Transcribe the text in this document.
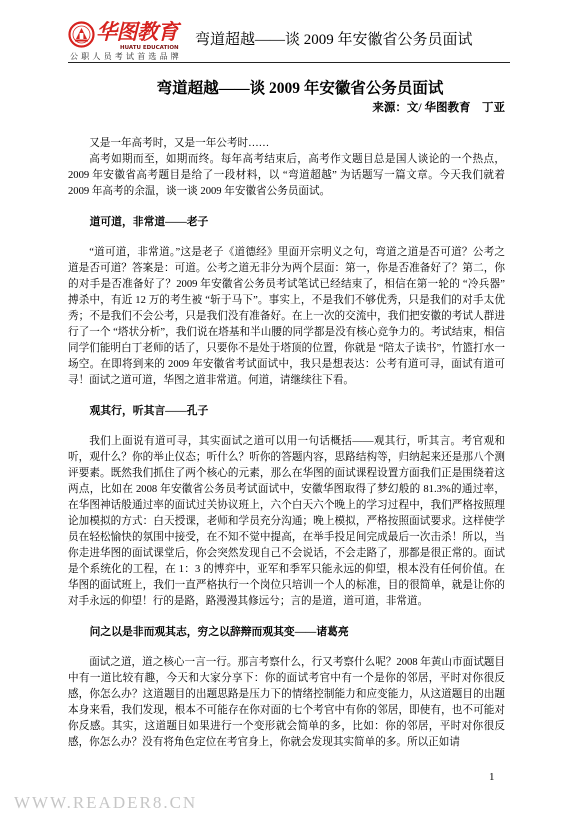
华图教育
HUATU EDUCATION
公职人员考试首选品牌
弯道超越——谈 2009 年安徽省公务员面试
弯道超越——谈 2009 年安徽省公务员面试
来源：文/ 华图教育　丁亚

又是一年高考时，又是一年公考时……

高考如期而至，如期而终。每年高考结束后，高考作文题目总是国人谈论的一个热点，2009 年安徽省高考题目是给了一段材料，以 “弯道超越” 为话题写一篇文章。今天我们就着 2009 年高考的余温，谈一谈 2009 年安徽省公务员面试。

道可道，非常道——老子

“道可道，非常道。”这是老子《道德经》里面开宗明义之句，弯道之道是否可道？公考之道是否可道？答案是：可道。公考之道无非分为两个层面：第一，你是否准备好了？第二，你的对手是否准备好了？2009 年安徽省公务员考试笔试已经结束了，相信在第一轮的 “冷兵器” 搏杀中，有近 12 万的考生被 “斩于马下”。事实上，不是我们不够优秀，只是我们的对手太优秀；不是我们不会公考，只是我们没有准备好。在上一次的交流中，我们把安徽的考试人群进行了一个 “塔状分析”，我们说在塔基和半山腰的同学都是没有核心竞争力的。考试结束，相信同学们能明白丁老师的话了，只要你不是处于塔顶的位置，你就是 “陪太子读书”，竹篮打水一场空。在即将到来的 2009 年安徽省考试面试中，我只是想表达：公考有道可寻，面试有道可寻！面试之道可道，华图之道非常道。何道，请继续往下看。

观其行，听其言——孔子

我们上面说有道可寻，其实面试之道可以用一句话概括——观其行，听其言。考官观和听，观什么？你的举止仪态；听什么？听你的答题内容，思路结构等，归纳起来还是那八个测评要素。既然我们抓住了两个核心的元素，那么在华图的面试课程设置方面我们正是围绕着这两点，比如在 2008 年安徽省公务员考试面试中，安徽华图取得了梦幻般的 81.3%的通过率，在华图神话般通过率的面试过关协议班上，六个白天六个晚上的学习过程中，我们严格按照理论加模拟的方式：白天授课，老师和学员充分沟通；晚上模拟，严格按照面试要求。这样使学员在轻松愉快的氛围中接受，在不知不觉中提高，在举手投足间完成最后一次击杀！所以，当你走进华图的面试课堂后，你会突然发现自己不会说话，不会走路了，那都是很正常的。面试是个系统化的工程，在 1：3 的博弈中，亚军和季军只能永远的仰望，根本没有任何价值。在华图的面试班上，我们一直严格执行一个岗位只培训一个人的标准，目的很简单，就是让你的对手永远的仰望！行的是路，路漫漫其修远兮；言的是道，道可道，非常道。

问之以是非而观其志，穷之以辞辩而观其变——诸葛亮

面试之道，道之核心一言一行。那言考察什么，行又考察什么呢？2008 年黄山市面试题目中有一道比较有趣，今天和大家分享下：你的面试考官中有一个是你的邻居，平时对你很反感，你怎么办？这道题目的出题思路是压力下的情绪控制能力和应变能力，从这道题目的出题本身来看，我们发现，根本不可能存在你对面的七个考官中有你的邻居，即使有，也不可能对你反感。其实，这道题目如果进行一个变形就会简单的多，比如：你的邻居，平时对你很反感，你怎么办？没有将角色定位在考官身上，你就会发现其实简单的多。所以正如请

1
WWW.READER8.CN
